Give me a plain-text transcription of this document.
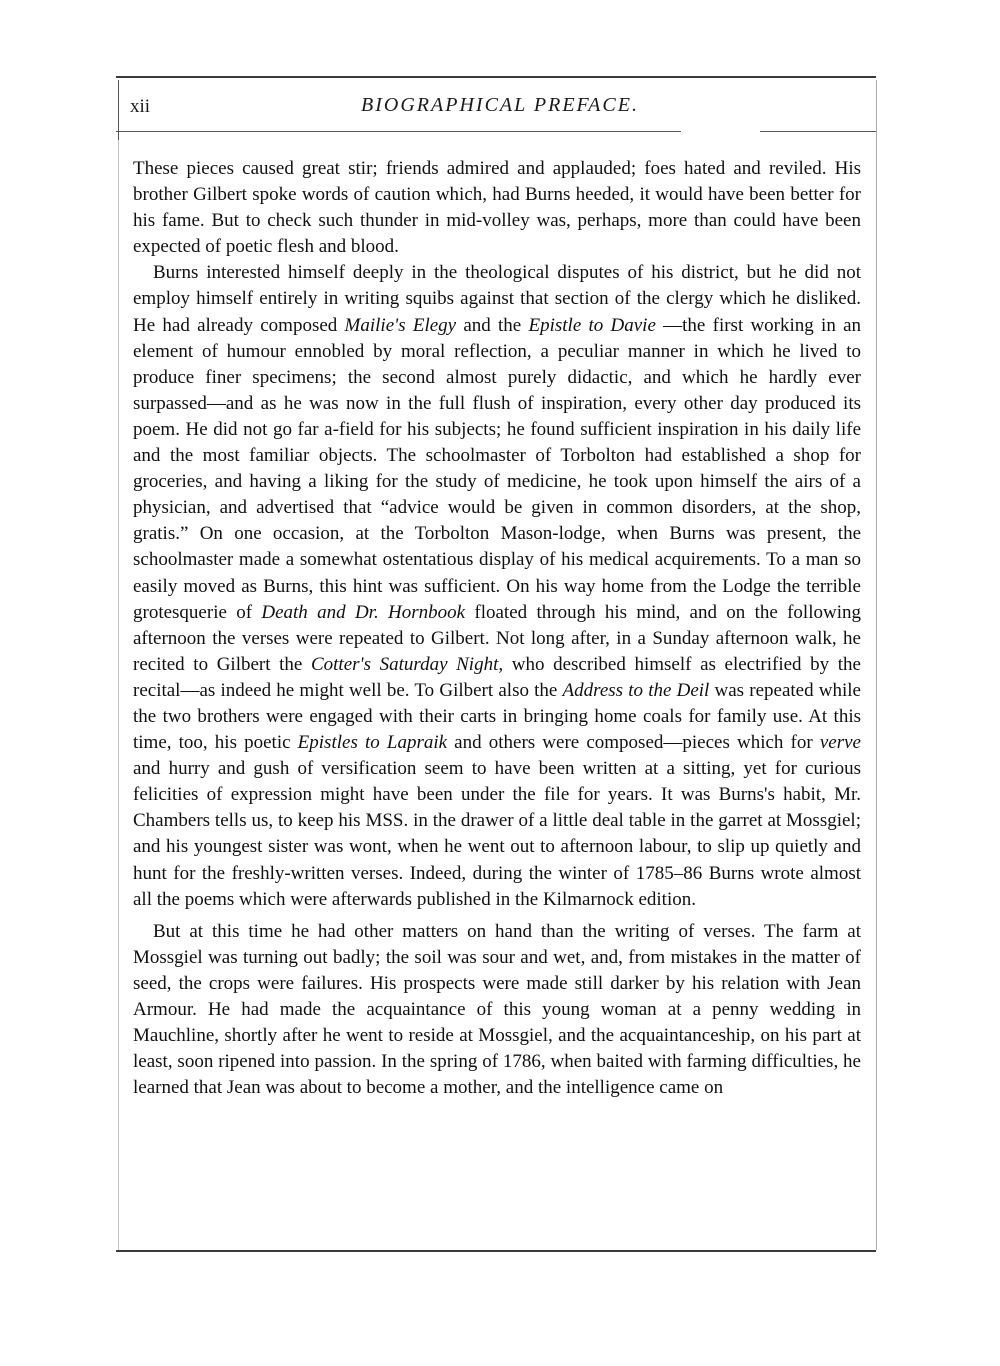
xii	BIOGRAPHICAL PREFACE.

These pieces caused great stir; friends admired and applauded; foes hated and reviled. His brother Gilbert spoke words of caution which, had Burns heeded, it would have been better for his fame. But to check such thunder in mid-volley was, perhaps, more than could have been expected of poetic flesh and blood.

Burns interested himself deeply in the theological disputes of his district, but he did not employ himself entirely in writing squibs against that section of the clergy which he disliked. He had already composed Mailie's Elegy and the Epistle to Davie —the first working in an element of humour ennobled by moral reflection, a peculiar manner in which he lived to produce finer specimens; the second almost purely didactic, and which he hardly ever surpassed—and as he was now in the full flush of inspiration, every other day produced its poem. He did not go far a-field for his subjects; he found sufficient inspiration in his daily life and the most familiar objects. The schoolmaster of Torbolton had established a shop for groceries, and having a liking for the study of medicine, he took upon himself the airs of a physician, and advertised that “advice would be given in common disorders, at the shop, gratis.” On one occasion, at the Torbolton Mason-lodge, when Burns was present, the schoolmaster made a somewhat ostentatious display of his medical acquirements. To a man so easily moved as Burns, this hint was sufficient. On his way home from the Lodge the terrible grotesquerie of Death and Dr. Hornbook floated through his mind, and on the following afternoon the verses were repeated to Gilbert. Not long after, in a Sunday afternoon walk, he recited to Gilbert the Cotter's Saturday Night, who described himself as electrified by the recital—as indeed he might well be. To Gilbert also the Address to the Deil was repeated while the two brothers were engaged with their carts in bringing home coals for family use. At this time, too, his poetic Epistles to Lapraik and others were composed—pieces which for verve and hurry and gush of versification seem to have been written at a sitting, yet for curious felicities of expression might have been under the file for years. It was Burns's habit, Mr. Chambers tells us, to keep his MSS. in the drawer of a little deal table in the garret at Mossgiel; and his youngest sister was wont, when he went out to afternoon labour, to slip up quietly and hunt for the freshly-written verses. Indeed, during the winter of 1785–86 Burns wrote almost all the poems which were afterwards published in the Kilmarnock edition.

But at this time he had other matters on hand than the writing of verses. The farm at Mossgiel was turning out badly; the soil was sour and wet, and, from mistakes in the matter of seed, the crops were failures. His prospects were made still darker by his relation with Jean Armour. He had made the acquaintance of this young woman at a penny wedding in Mauchline, shortly after he went to reside at Mossgiel, and the acquaintanceship, on his part at least, soon ripened into passion. In the spring of 1786, when baited with farming difficulties, he learned that Jean was about to become a mother, and the intelligence came on
